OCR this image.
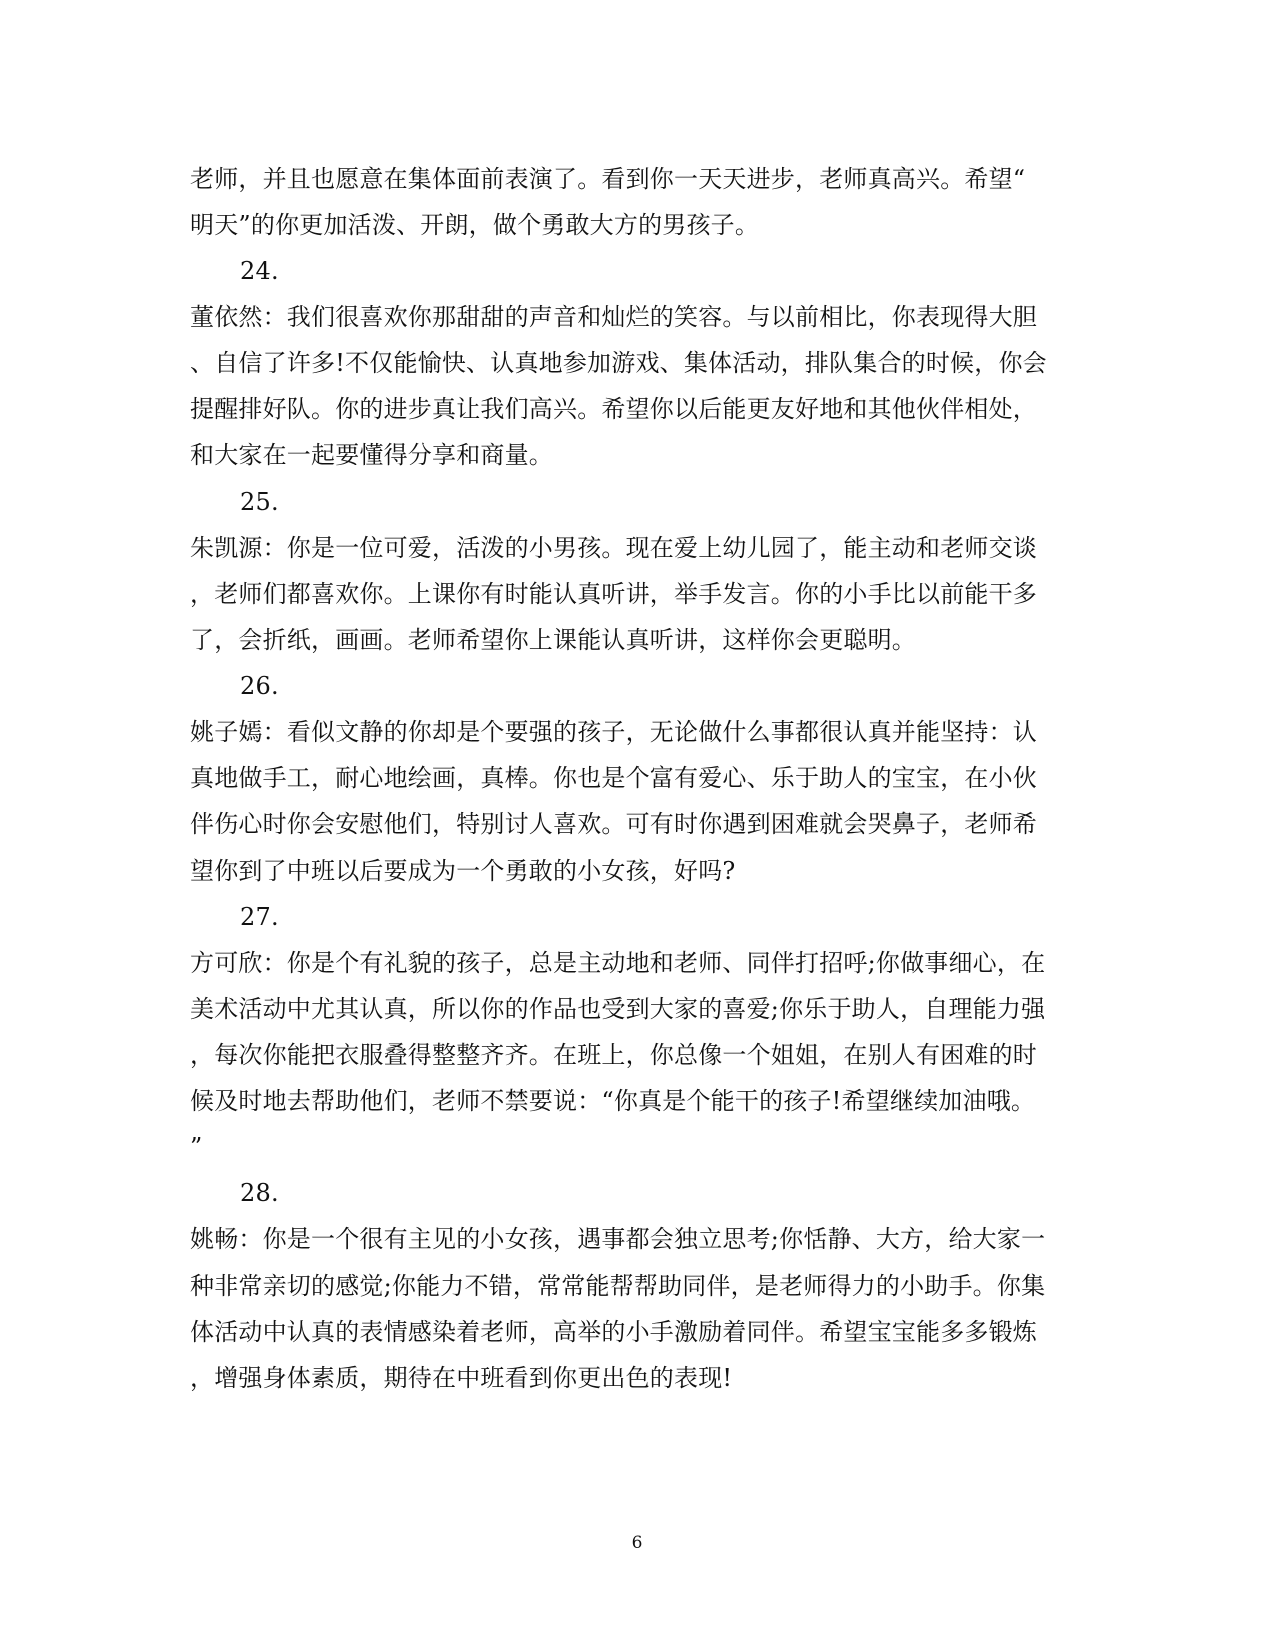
老师，并且也愿意在集体面前表演了。看到你一天天进步，老师真高兴。希望“
明天”的你更加活泼、开朗，做个勇敢大方的男孩子。
24.
董依然：我们很喜欢你那甜甜的声音和灿烂的笑容。与以前相比，你表现得大胆
、自信了许多!不仅能愉快、认真地参加游戏、集体活动，排队集合的时候，你会
提醒排好队。你的进步真让我们高兴。希望你以后能更友好地和其他伙伴相处，
和大家在一起要懂得分享和商量。
25.
朱凯源：你是一位可爱，活泼的小男孩。现在爱上幼儿园了，能主动和老师交谈
，老师们都喜欢你。上课你有时能认真听讲，举手发言。你的小手比以前能干多
了，会折纸，画画。老师希望你上课能认真听讲，这样你会更聪明。
26.
姚子嫣：看似文静的你却是个要强的孩子，无论做什么事都很认真并能坚持：认
真地做手工，耐心地绘画，真棒。你也是个富有爱心、乐于助人的宝宝，在小伙
伴伤心时你会安慰他们，特别讨人喜欢。可有时你遇到困难就会哭鼻子，老师希
望你到了中班以后要成为一个勇敢的小女孩，好吗?
27.
方可欣：你是个有礼貌的孩子，总是主动地和老师、同伴打招呼;你做事细心，在
美术活动中尤其认真，所以你的作品也受到大家的喜爱;你乐于助人，自理能力强
，每次你能把衣服叠得整整齐齐。在班上，你总像一个姐姐，在别人有困难的时
候及时地去帮助他们，老师不禁要说：“你真是个能干的孩子!希望继续加油哦。
”
28.
姚畅：你是一个很有主见的小女孩，遇事都会独立思考;你恬静、大方，给大家一
种非常亲切的感觉;你能力不错，常常能帮帮助同伴，是老师得力的小助手。你集
体活动中认真的表情感染着老师，高举的小手激励着同伴。希望宝宝能多多锻炼
，增强身体素质，期待在中班看到你更出色的表现!
6
